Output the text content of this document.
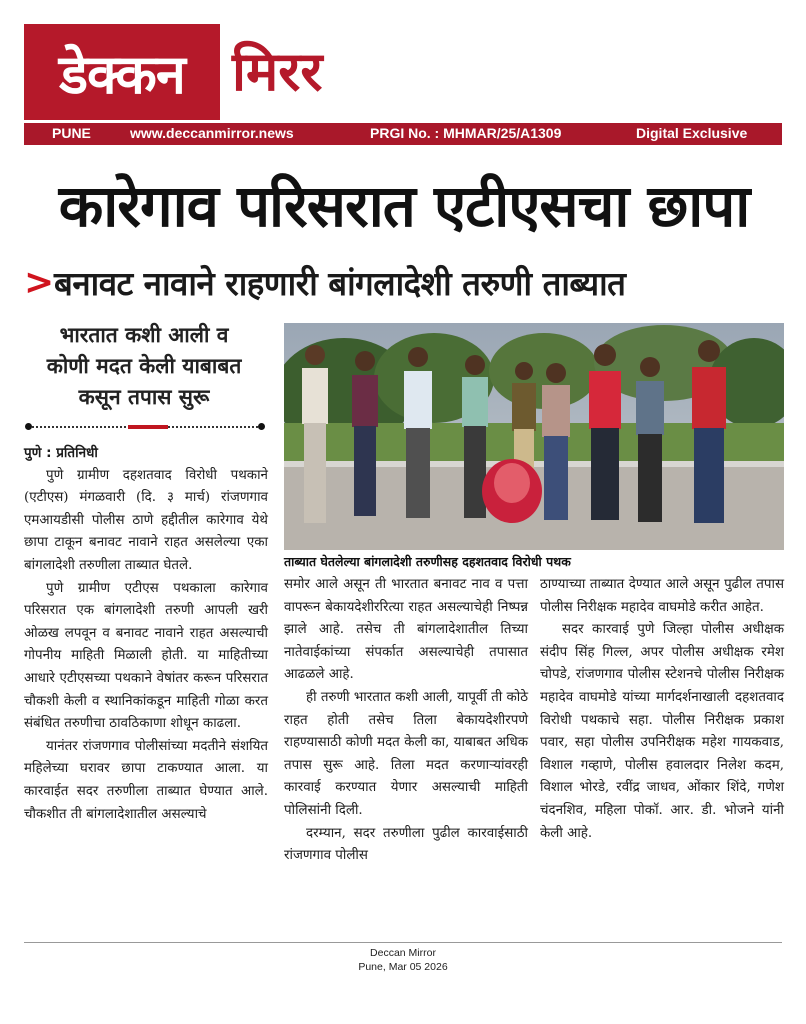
डेक्कन मिरर
PUNE	www.deccanmirror.news	PRGI No. : MHMAR/25/A1309	Digital Exclusive
कारेगाव परिसरात एटीएसचा छापा
> बनावट नावाने राहणारी बांगलादेशी तरुणी ताब्यात
भारतात कशी आली व
कोणी मदत केली याबाबत
कसून तपास सुरू
ताब्यात घेतलेल्या बांगलादेशी तरुणीसह दहशतवाद विरोधी पथक

पुणे : प्रतिनिधी

पुणे ग्रामीण दहशतवाद विरोधी पथकाने (एटीएस) मंगळवारी (दि. ३ मार्च) रांजणगाव एमआयडीसी पोलीस ठाणे हद्दीतील कारेगाव येथे छापा टाकून बनावट नावाने राहत असलेल्या एका बांगलादेशी तरुणीला ताब्यात घेतले.

पुणे ग्रामीण एटीएस पथकाला कारेगाव परिसरात एक बांगलादेशी तरुणी आपली खरी ओळख लपवून व बनावट नावाने राहत असल्याची गोपनीय माहिती मिळाली होती. या माहितीच्या आधारे एटीएसच्या पथकाने वेषांतर करून परिसरात चौकशी केली व स्थानिकांकडून माहिती गोळा करत संबंधित तरुणीचा ठावठिकाणा शोधून काढला.

यानंतर रांजणगाव पोलीसांच्या मदतीने संशयित महिलेच्या घरावर छापा टाकण्यात आला. या कारवाईत सदर तरुणीला ताब्यात घेण्यात आले. चौकशीत ती बांगलादेशातील असल्याचे

समोर आले असून ती भारतात बनावट नाव व पत्ता वापरून बेकायदेशीररित्या राहत असल्याचेही निष्पन्न झाले आहे. तसेच ती बांगलादेशातील तिच्या नातेवाईकांच्या संपर्कात असल्याचेही तपासात आढळले आहे.

ही तरुणी भारतात कशी आली, यापूर्वी ती कोठे राहत होती तसेच तिला बेकायदेशीरपणे राहण्यासाठी कोणी मदत केली का, याबाबत अधिक तपास सुरू आहे. तिला मदत करणाऱ्यांवरही कारवाई करण्यात येणार असल्याची माहिती पोलिसांनी दिली.

दरम्यान, सदर तरुणीला पुढील कारवाईसाठी रांजणगाव पोलीस

ठाण्याच्या ताब्यात देण्यात आले असून पुढील तपास पोलीस निरीक्षक महादेव वाघमोडे करीत आहेत.

सदर कारवाई पुणे जिल्हा पोलीस अधीक्षक संदीप सिंह गिल्ल, अपर पोलीस अधीक्षक रमेश चोपडे, रांजणगाव पोलीस स्टेशनचे पोलीस निरीक्षक महादेव वाघमोडे यांच्या मार्गदर्शनाखाली दहशतवाद विरोधी पथकाचे सहा. पोलीस निरीक्षक प्रकाश पवार, सहा पोलीस उपनिरीक्षक महेश गायकवाड, विशाल गव्हाणे, पोलीस हवालदार निलेश कदम, विशाल भोरडे, रवींद्र जाधव, ओंकार शिंदे, गणेश चंदनशिव, महिला पोकॉ. आर. डी. भोजने यांनी केली आहे.

Deccan Mirror
Pune, Mar 05 2026
